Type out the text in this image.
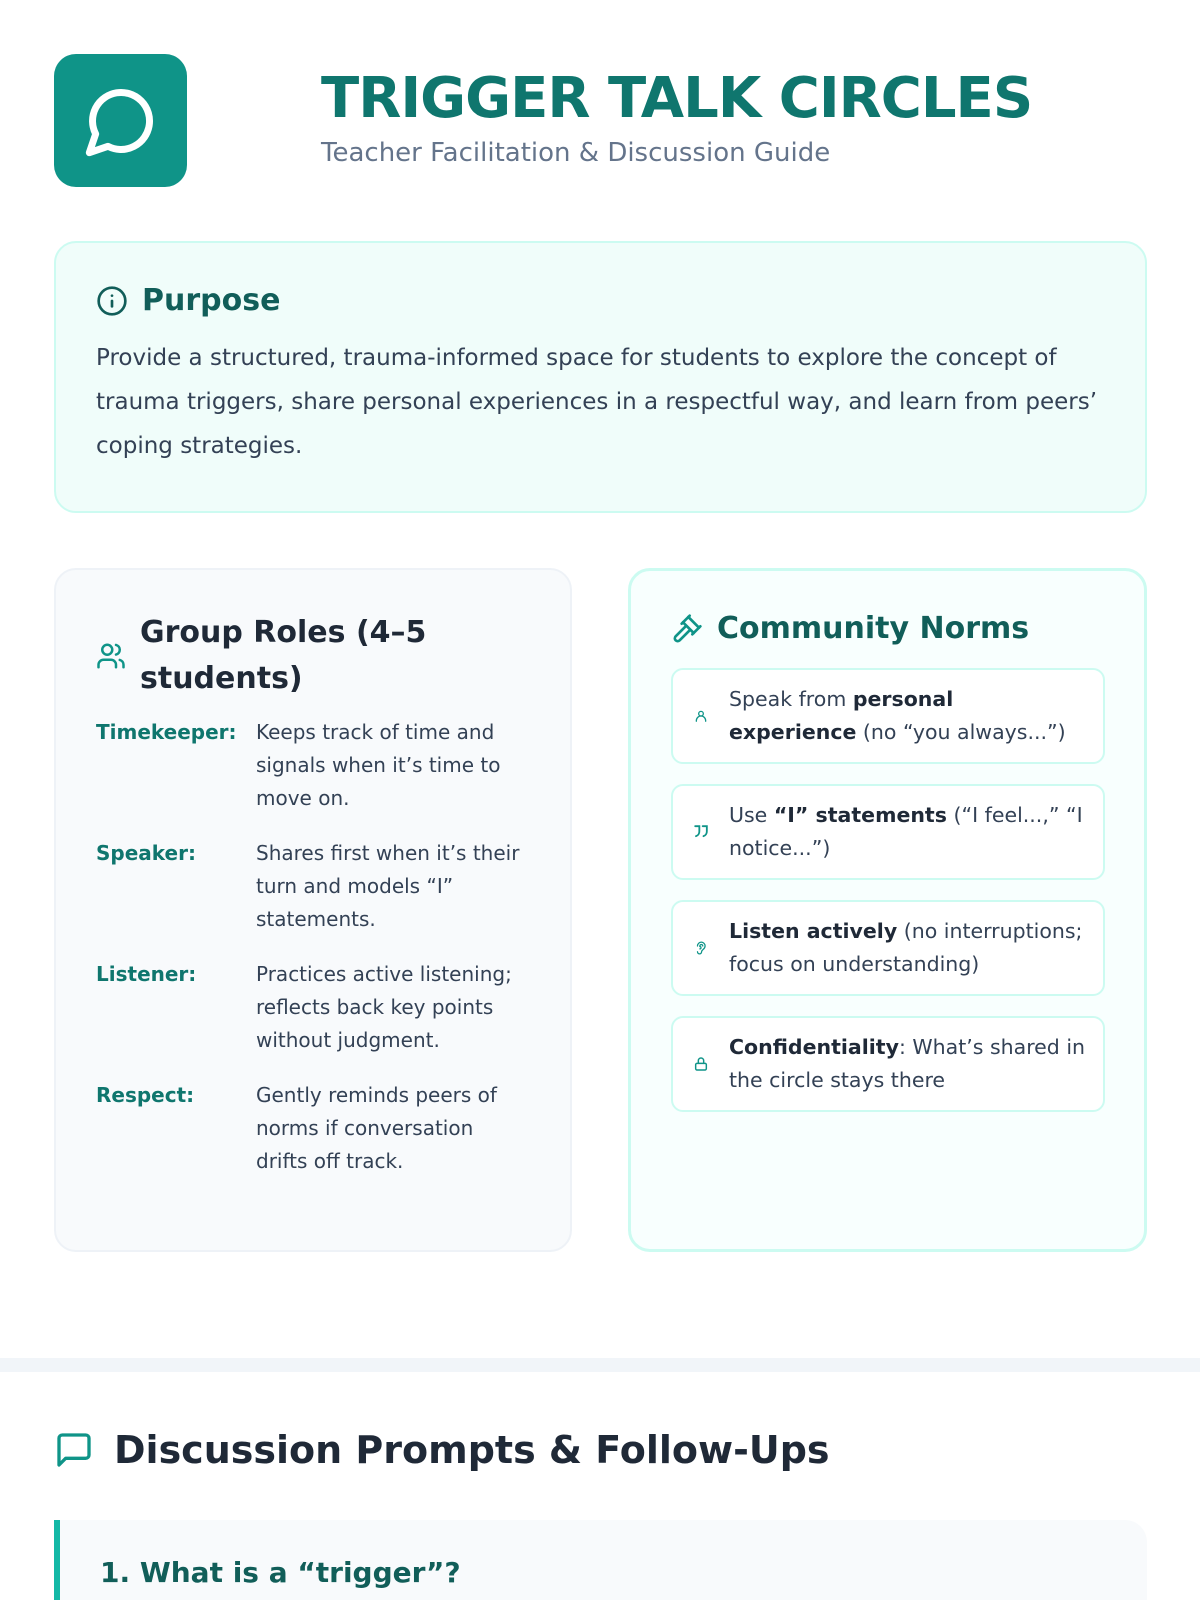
TRIGGER TALK CIRCLES
Teacher Facilitation & Discussion Guide
Purpose

Provide a structured, trauma-informed space for students to explore the concept of trauma triggers, share personal experiences in a respectful way, and learn from peers’ coping strategies.

Group Roles (4–5 students)
Timekeeper: Keeps track of time and signals when it’s time to move on.
Speaker:	Shares first when it’s their turn and models “I” statements.
Listener:	Practices active listening; reflects back key points without judgment.
Respect:	Gently reminds peers of norms if conversation drifts off track.
Community Norms
Speak from personal experience (no “you always...”)
Use “I” statements (“I feel...,” “I notice...”)
Listen actively (no interruptions; focus on understanding)
Confidentiality: What’s shared in the circle stays there
Discussion Prompts & Follow-Ups
1. What is a “trigger”?
